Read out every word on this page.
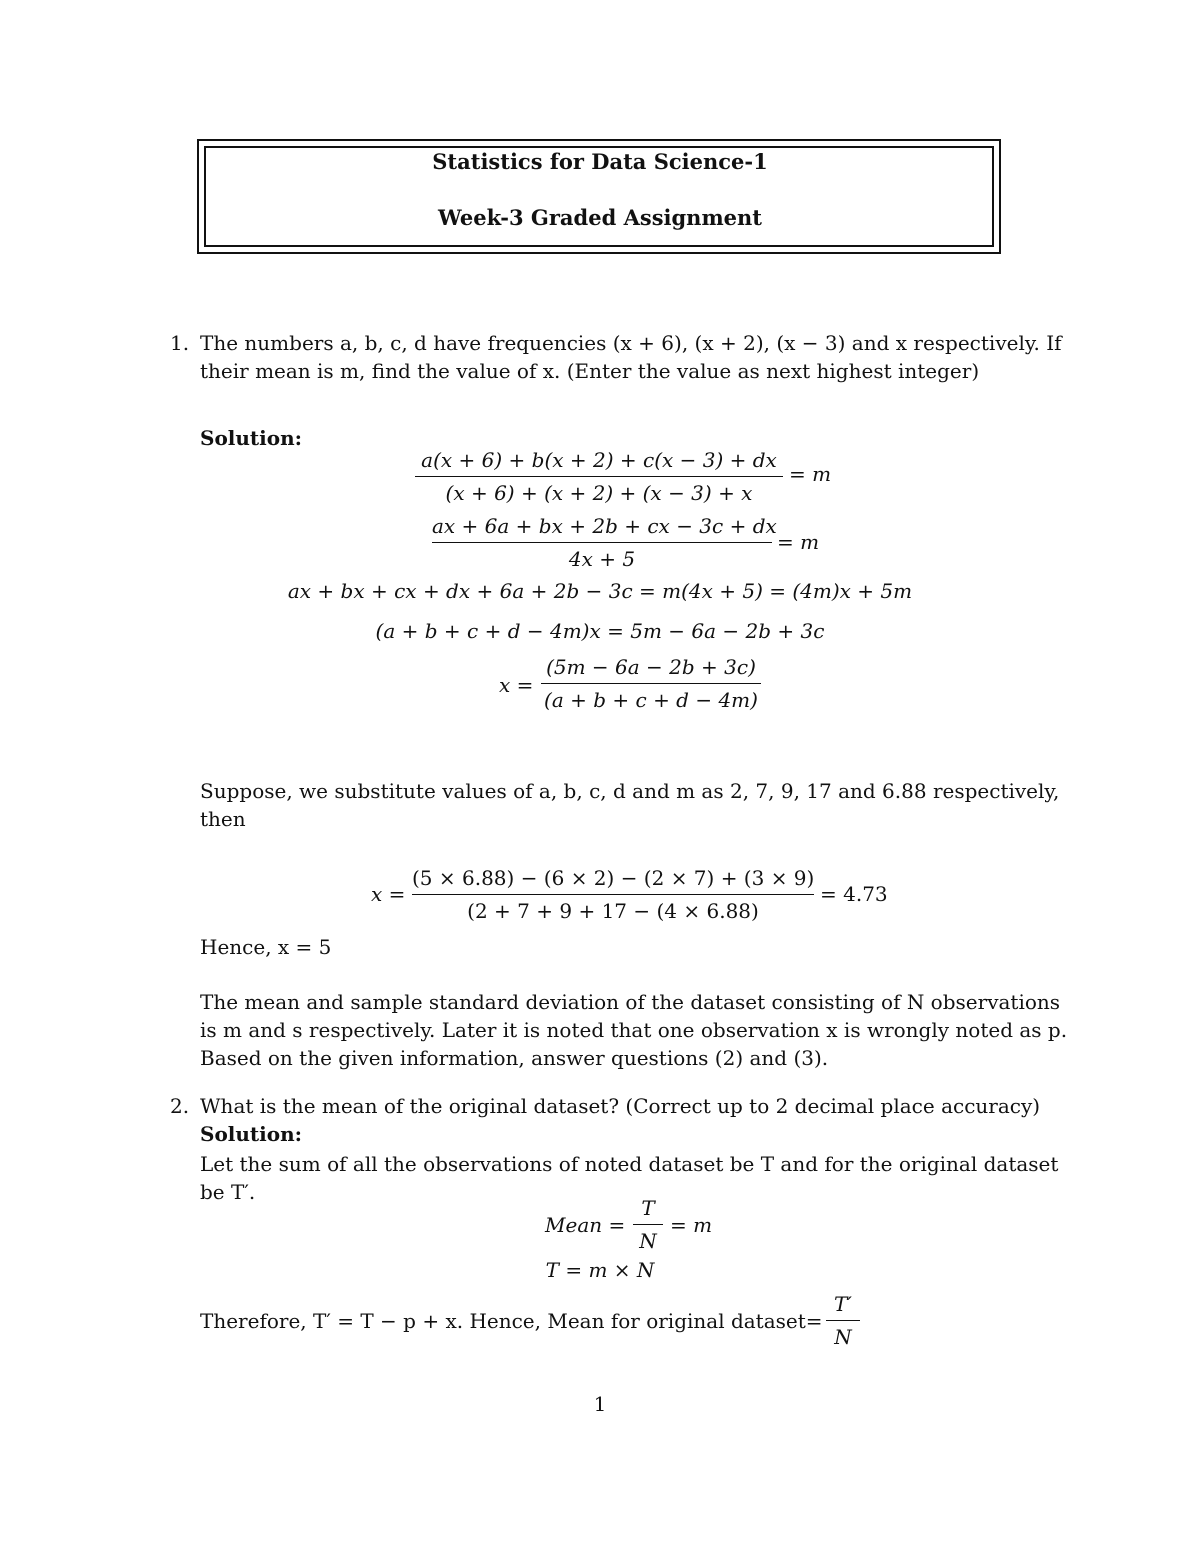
Statistics for Data Science-1
Week-3 Graded Assignment
1. The numbers a, b, c, d have frequencies (x + 6), (x + 2), (x − 3) and x respectively. If
their mean is m, find the value of x. (Enter the value as next highest integer)
Solution:
a(x + 6) + b(x + 2) + c(x − 3) + dx
(x + 6) + (x + 2) + (x − 3) + x
= m
ax + 6a + bx + 2b + cx − 3c + dx
4x + 5
= m
ax + bx + cx + dx + 6a + 2b − 3c = m(4x + 5) = (4m)x + 5m
(a + b + c + d − 4m)x = 5m − 6a − 2b + 3c
x =
(5m − 6a − 2b + 3c)
(a + b + c + d − 4m)
Suppose, we substitute values of a, b, c, d and m as 2, 7, 9, 17 and 6.88 respectively,
then
x =
(5 × 6.88) − (6 × 2) − (2 × 7) + (3 × 9)
(2 + 7 + 9 + 17 − (4 × 6.88)
= 4.73
Hence, x = 5
The mean and sample standard deviation of the dataset consisting of N observations
is m and s respectively. Later it is noted that one observation x is wrongly noted as p.
Based on the given information, answer questions (2) and (3).
2. What is the mean of the original dataset? (Correct up to 2 decimal place accuracy)
Solution:
Let the sum of all the observations of noted dataset be T and for the original dataset
be T′.
Mean =
T
N
= m
T = m × N
Therefore, T′ = T − p + x. Hence, Mean for original dataset=
T′
N
1
